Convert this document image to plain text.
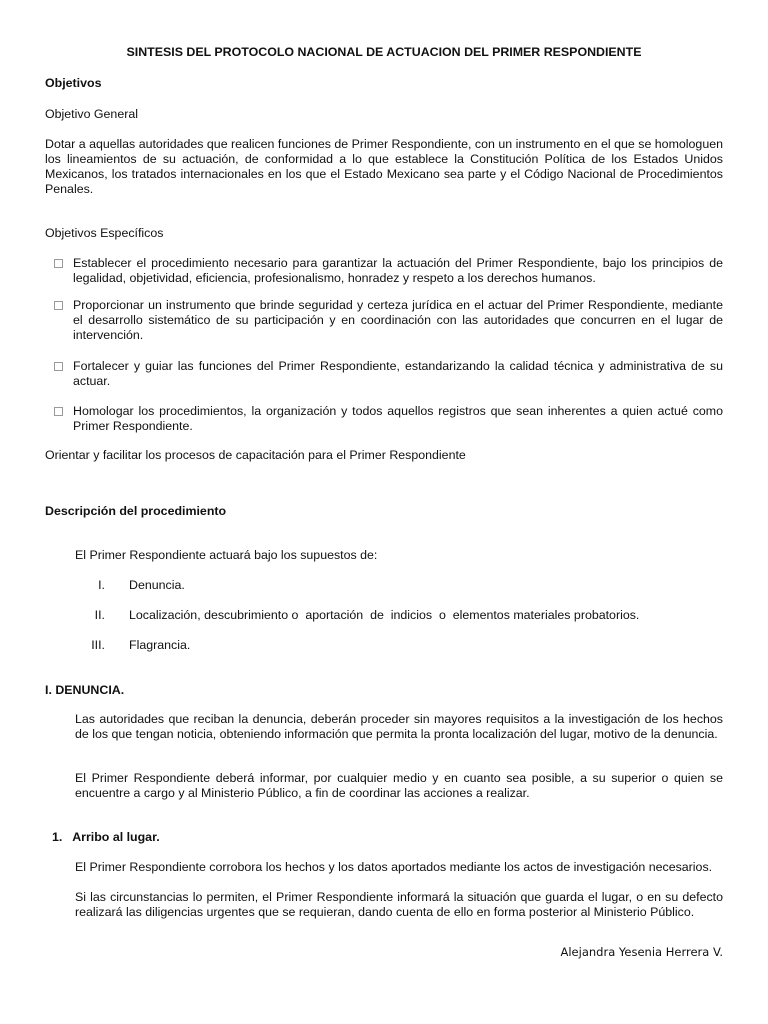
SINTESIS DEL PROTOCOLO NACIONAL DE ACTUACION DEL PRIMER RESPONDIENTE
Objetivos
Objetivo General
Dotar a aquellas autoridades que realicen funciones de Primer Respondiente, con un instrumento en el que se homologuen los lineamientos de su actuación, de conformidad a lo que establece la Constitución Política de los Estados Unidos Mexicanos, los tratados internacionales en los que el Estado Mexicano sea parte y el Código Nacional de Procedimientos Penales.
Objetivos Específicos
Establecer el procedimiento necesario para garantizar la actuación del Primer Respondiente, bajo los principios de legalidad, objetividad, eficiencia, profesionalismo, honradez y respeto a los derechos humanos.
Proporcionar un instrumento que brinde seguridad y certeza jurídica en el actuar del Primer Respondiente, mediante el desarrollo sistemático de su participación y en coordinación con las autoridades que concurren en el lugar de intervención.
Fortalecer y guiar las funciones del Primer Respondiente, estandarizando la calidad técnica y administrativa de su actuar.
Homologar los procedimientos, la organización y todos aquellos registros que sean inherentes a quien actué como Primer Respondiente.
Orientar y facilitar los procesos de capacitación para el Primer Respondiente
Descripción del procedimiento
El Primer Respondiente actuará bajo los supuestos de:
I. Denuncia.
II. Localización, descubrimiento o  aportación  de  indicios  o  elementos materiales probatorios.
III. Flagrancia.
I. DENUNCIA.
Las autoridades que reciban la denuncia, deberán proceder sin mayores requisitos a la investigación de los hechos de los que tengan noticia, obteniendo información que permita la pronta localización del lugar, motivo de la denuncia.
El Primer Respondiente deberá informar, por cualquier medio y en cuanto sea posible, a su superior o quien se encuentre a cargo y al Ministerio Público, a fin de coordinar las acciones a realizar.
1.   Arribo al lugar.
El Primer Respondiente corrobora los hechos y los datos aportados mediante los actos de investigación necesarios.
Si las circunstancias lo permiten, el Primer Respondiente informará la situación que guarda el lugar, o en su defecto realizará las diligencias urgentes que se requieran, dando cuenta de ello en forma posterior al Ministerio Público.
Alejandra Yesenia Herrera V.
